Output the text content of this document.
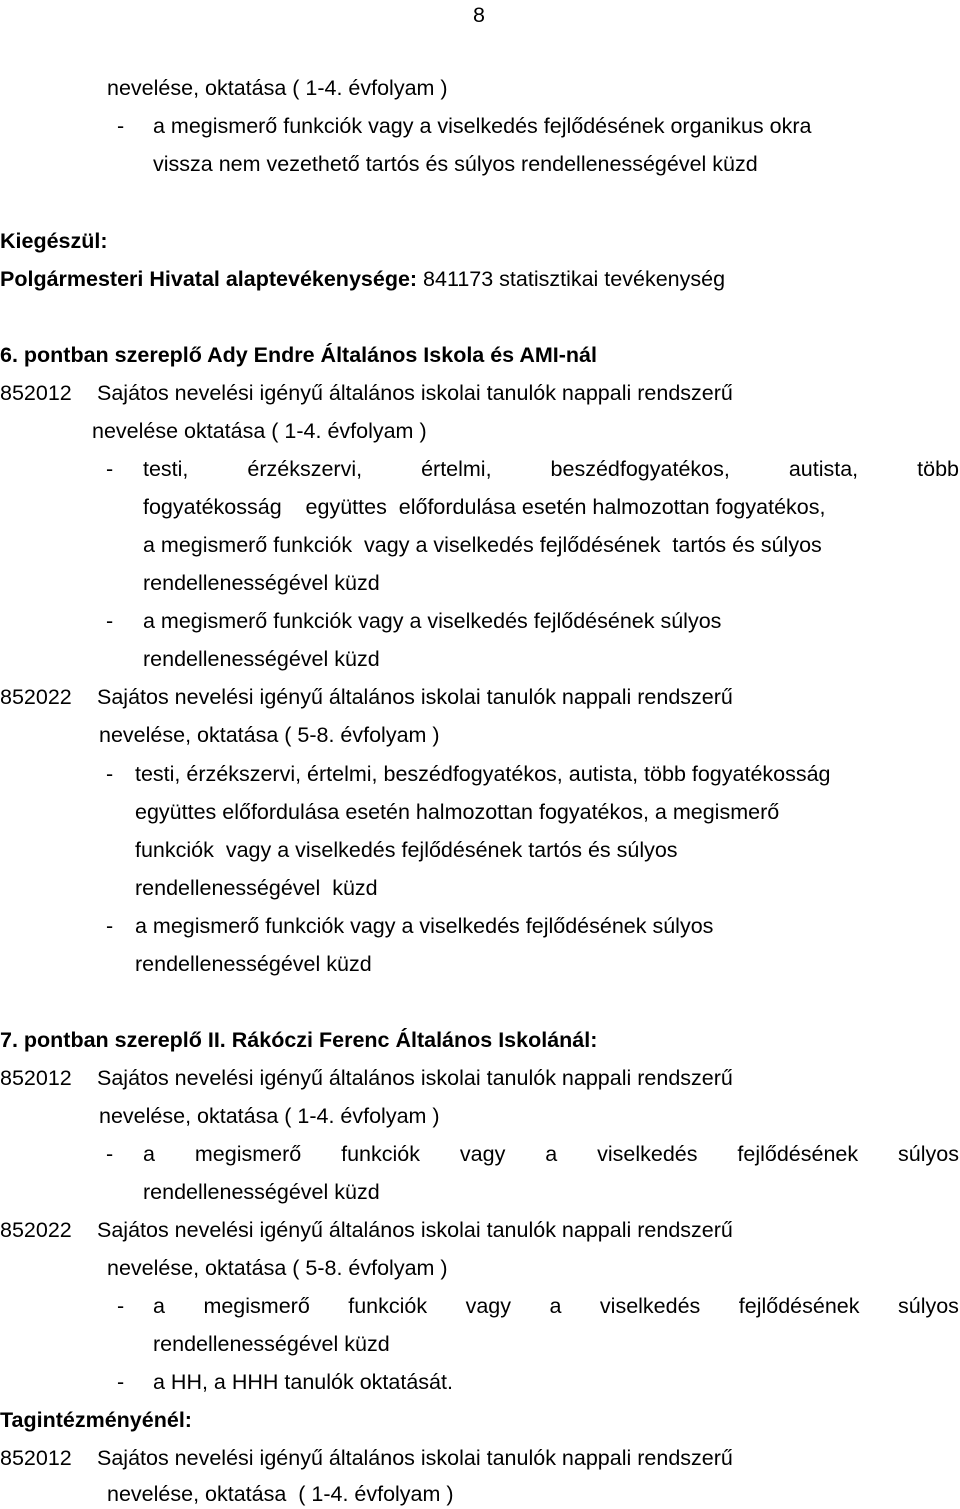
8
nevelése, oktatása ( 1-4. évfolyam )
- a megismerő funkciók vagy a viselkedés fejlődésének organikus okra
vissza nem vezethető tartós és súlyos rendellenességével küzd
Kiegészül:
Polgármesteri Hivatal alaptevékenysége: 841173 statisztikai tevékenység
6. pontban szereplő Ady Endre Általános Iskola és AMI-nál
852012 Sajátos nevelési igényű általános iskolai tanulók nappali rendszerű
nevelése oktatása ( 1-4. évfolyam )
- testi,	érzékszervi,	értelmi,	beszédfogyatékos,	autista,	több
fogyatékosság    együttes  előfordulása esetén halmozottan fogyatékos,
a megismerő funkciók  vagy a viselkedés fejlődésének  tartós és súlyos
rendellenességével küzd
- a megismerő funkciók vagy a viselkedés fejlődésének súlyos
rendellenességével küzd
852022 Sajátos nevelési igényű általános iskolai tanulók nappali rendszerű
nevelése, oktatása ( 5-8. évfolyam )
- testi, érzékszervi, értelmi, beszédfogyatékos, autista, több fogyatékosság
együttes előfordulása esetén halmozottan fogyatékos, a megismerő
funkciók  vagy a viselkedés fejlődésének tartós és súlyos
rendellenességével  küzd
- a megismerő funkciók vagy a viselkedés fejlődésének súlyos
rendellenességével küzd
7. pontban szereplő II. Rákóczi Ferenc Általános Iskolánál:
852012 Sajátos nevelési igényű általános iskolai tanulók nappali rendszerű
nevelése, oktatása ( 1-4. évfolyam )
- a megismerő funkciók vagy a viselkedés fejlődésének súlyos
rendellenességével küzd
852022 Sajátos nevelési igényű általános iskolai tanulók nappali rendszerű
nevelése, oktatása ( 5-8. évfolyam )
- a megismerő funkciók vagy a viselkedés fejlődésének súlyos
rendellenességével küzd
- a HH, a HHH tanulók oktatását.
Tagintézményénél:
852012 Sajátos nevelési igényű általános iskolai tanulók nappali rendszerű
nevelése, oktatása  ( 1-4. évfolyam )
